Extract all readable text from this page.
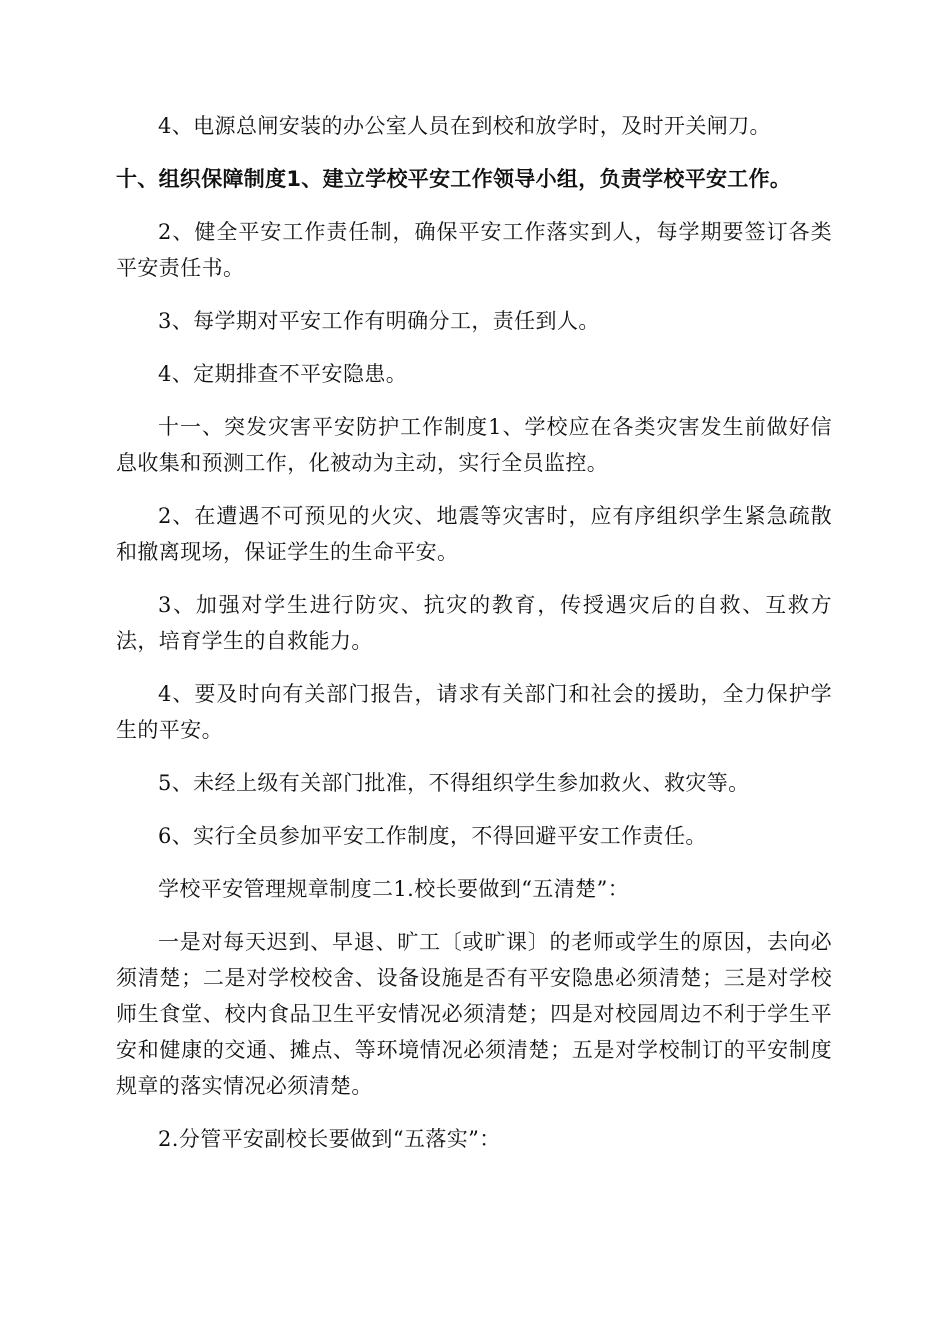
4、电源总闸安装的办公室人员在到校和放学时，及时开关闸刀。

十、组织保障制度1、建立学校平安工作领导小组，负责学校平安工作。

2、健全平安工作责任制，确保平安工作落实到人，每学期要签订各类平安责任书。

3、每学期对平安工作有明确分工，责任到人。

4、定期排查不平安隐患。

十一、突发灾害平安防护工作制度1、学校应在各类灾害发生前做好信息收集和预测工作，化被动为主动，实行全员监控。

2、在遭遇不可预见的火灾、地震等灾害时，应有序组织学生紧急疏散和撤离现场，保证学生的生命平安。

3、加强对学生进行防灾、抗灾的教育，传授遇灾后的自救、互救方法，培育学生的自救能力。

4、要及时向有关部门报告，请求有关部门和社会的援助，全力保护学生的平安。

5、未经上级有关部门批准，不得组织学生参加救火、救灾等。

6、实行全员参加平安工作制度，不得回避平安工作责任。

学校平安管理规章制度二1.校长要做到“五清楚”：

一是对每天迟到、早退、旷工〔或旷课〕的老师或学生的原因，去向必须清楚；二是对学校校舍、设备设施是否有平安隐患必须清楚；三是对学校师生食堂、校内食品卫生平安情况必须清楚；四是对校园周边不利于学生平安和健康的交通、摊点、等环境情况必须清楚；五是对学校制订的平安制度规章的落实情况必须清楚。

2.分管平安副校长要做到“五落实”：
